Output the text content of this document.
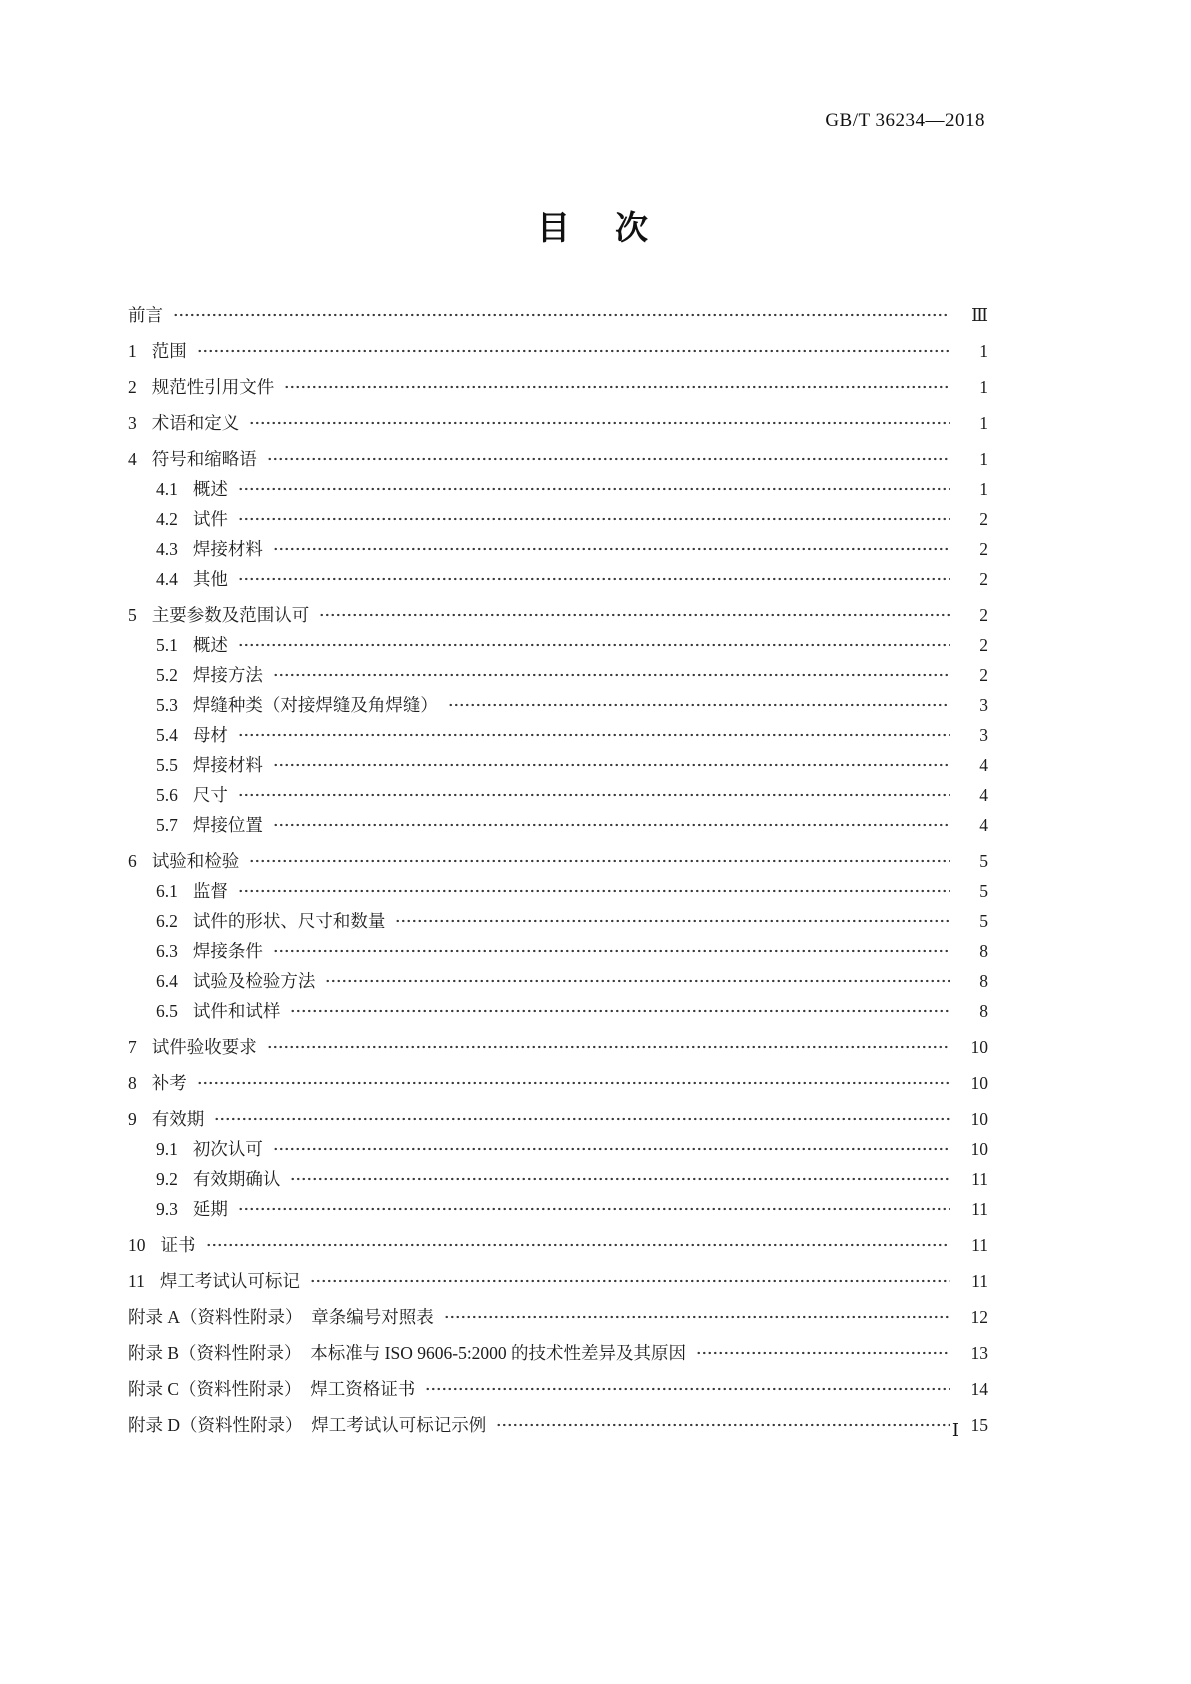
GB/T 36234—2018
目　次
前言	Ⅲ
1 范围	1
2 规范性引用文件	1
3 术语和定义	1
4 符号和缩略语	1
4.1 概述	1
4.2 试件	2
4.3 焊接材料	2
4.4 其他	2
5 主要参数及范围认可	2
5.1 概述	2
5.2 焊接方法	2
5.3 焊缝种类（对接焊缝及角焊缝）	3
5.4 母材	3
5.5 焊接材料	4
5.6 尺寸	4
5.7 焊接位置	4
6 试验和检验	5
6.1 监督	5
6.2 试件的形状、尺寸和数量	5
6.3 焊接条件	8
6.4 试验及检验方法	8
6.5 试件和试样	8
7 试件验收要求	10
8 补考	10
9 有效期	10
9.1 初次认可	10
9.2 有效期确认	11
9.3 延期	11
10 证书	11
11 焊工考试认可标记	11
附录 A（资料性附录）　章条编号对照表	12
附录 B（资料性附录）　本标准与 ISO 9606-5:2000 的技术性差异及其原因	13
附录 C（资料性附录）　焊工资格证书	14
附录 D（资料性附录）　焊工考试认可标记示例	15
Ⅰ
